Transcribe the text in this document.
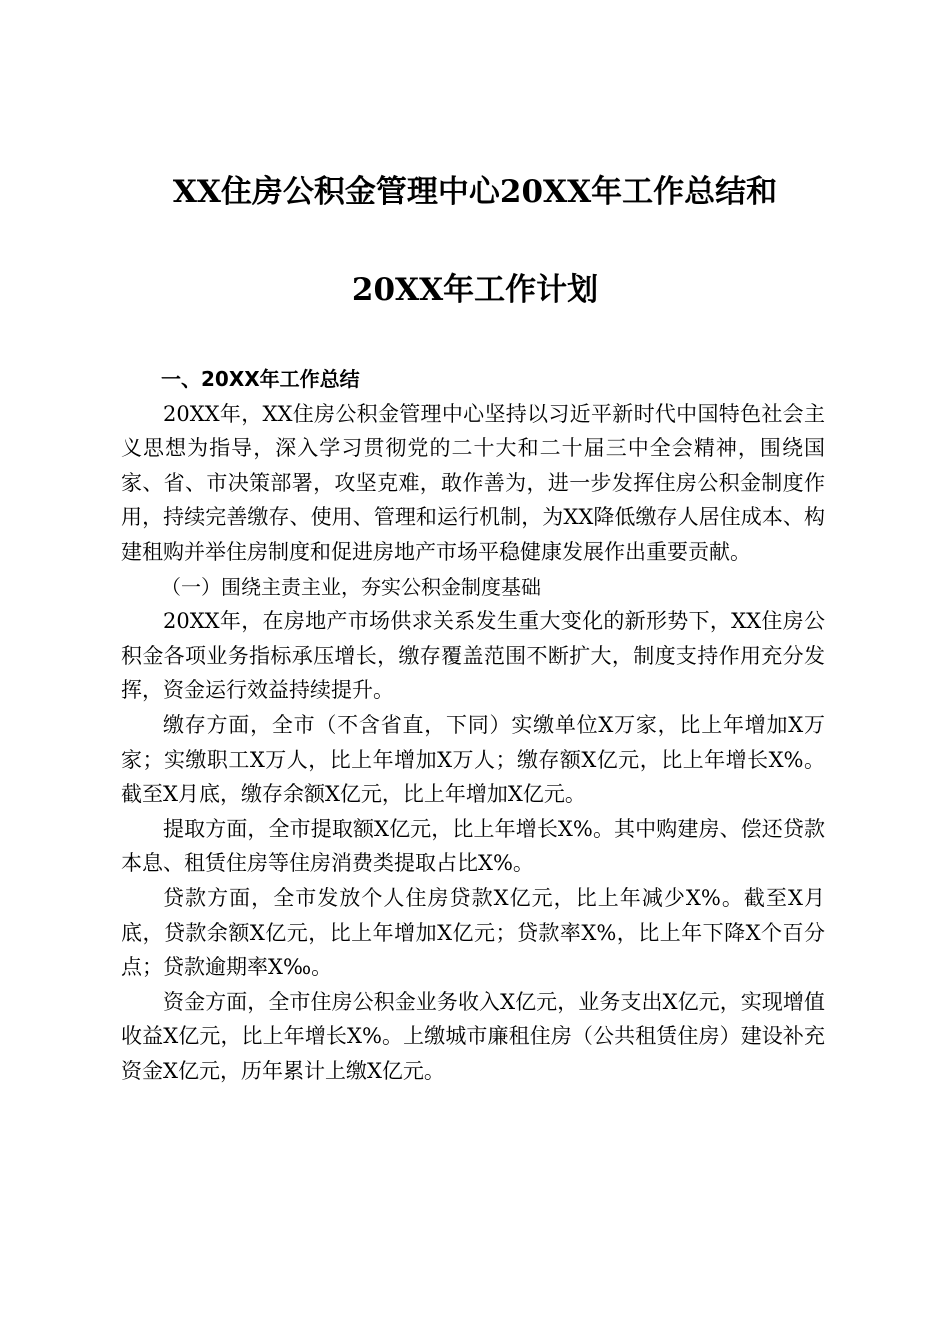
XX住房公积金管理中心20XX年工作总结和
20XX年工作计划

一、20XX年工作总结

20XX年，XX住房公积金管理中心坚持以习近平新时代中国特色社会主义思想为指导，深入学习贯彻党的二十大和二十届三中全会精神，围绕国家、省、市决策部署，攻坚克难，敢作善为，进一步发挥住房公积金制度作用，持续完善缴存、使用、管理和运行机制，为XX降低缴存人居住成本、构建租购并举住房制度和促进房地产市场平稳健康发展作出重要贡献。

（一）围绕主责主业，夯实公积金制度基础

20XX年，在房地产市场供求关系发生重大变化的新形势下，XX住房公积金各项业务指标承压增长，缴存覆盖范围不断扩大，制度支持作用充分发挥，资金运行效益持续提升。

缴存方面，全市（不含省直，下同）实缴单位X万家，比上年增加X万家；实缴职工X万人，比上年增加X万人；缴存额X亿元，比上年增长X%。截至X月底，缴存余额X亿元，比上年增加X亿元。

提取方面，全市提取额X亿元，比上年增长X%。其中购建房、偿还贷款本息、租赁住房等住房消费类提取占比X%。

贷款方面，全市发放个人住房贷款X亿元，比上年减少X%。截至X月底，贷款余额X亿元，比上年增加X亿元；贷款率X%，比上年下降X个百分点；贷款逾期率X‰。

资金方面，全市住房公积金业务收入X亿元，业务支出X亿元，实现增值收益X亿元，比上年增长X%。上缴城市廉租住房（公共租赁住房）建设补充资金X亿元，历年累计上缴X亿元。
